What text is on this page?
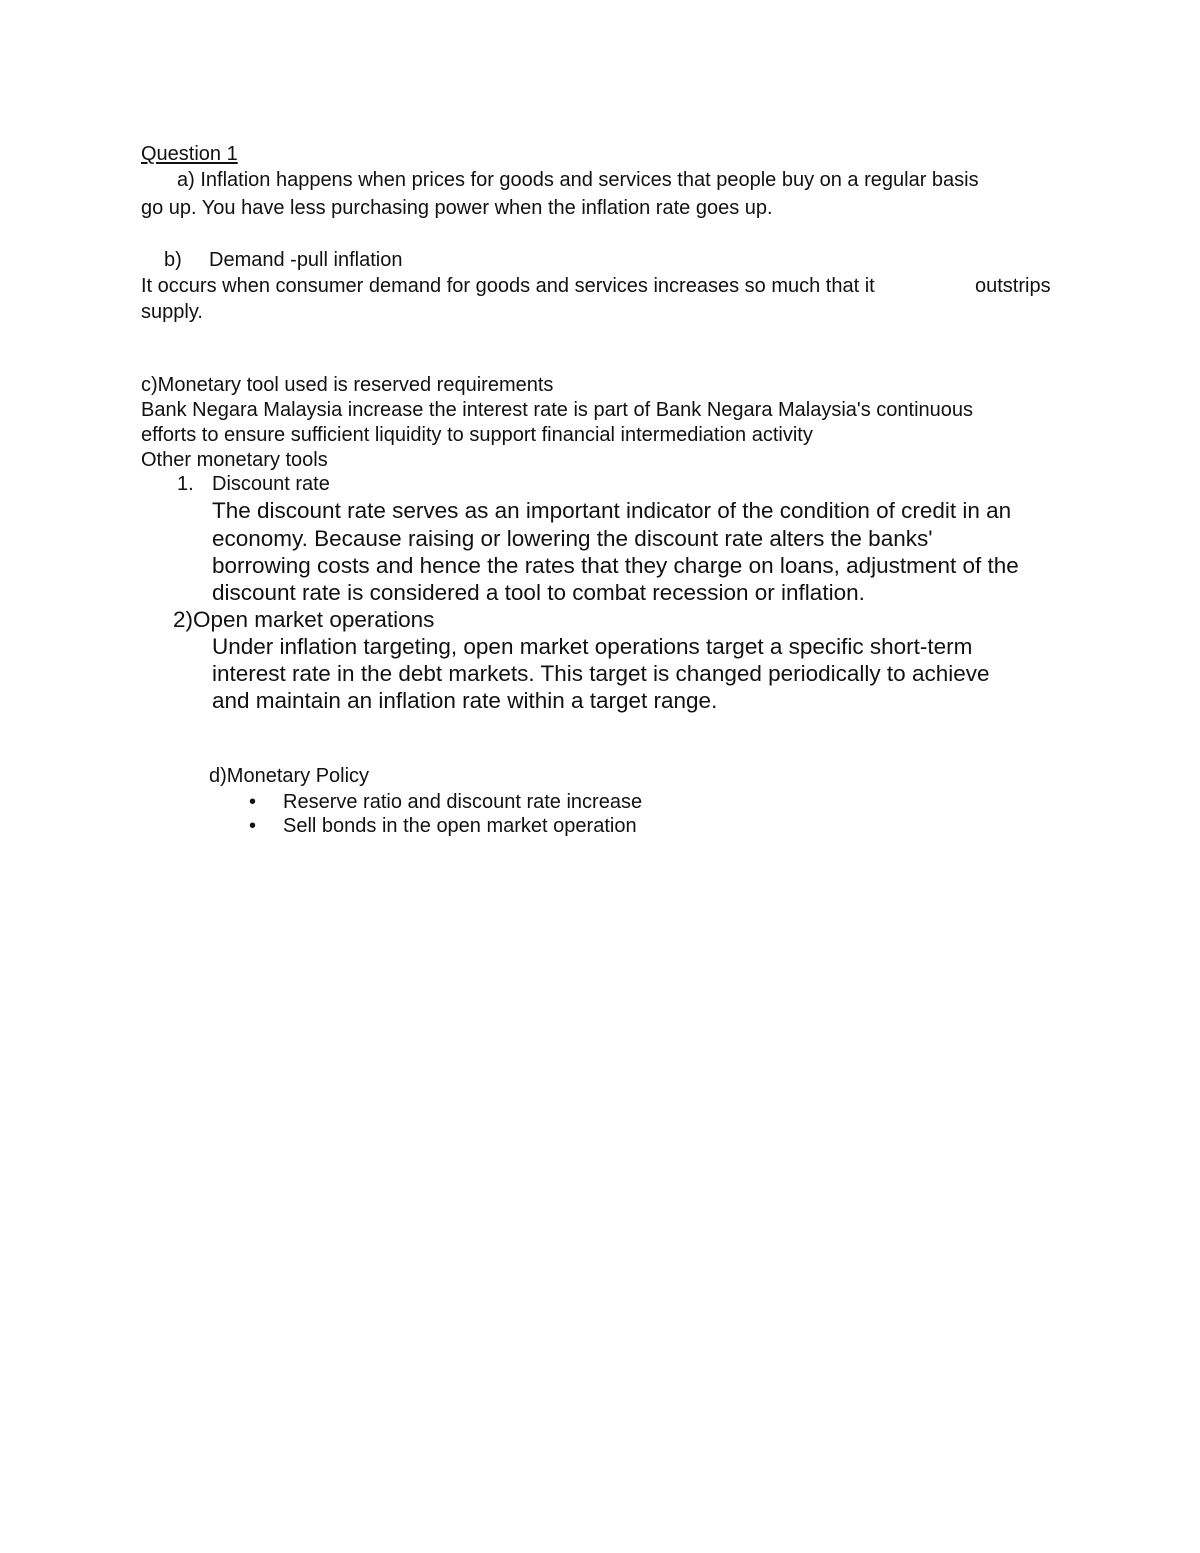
Question 1
a) Inflation happens when prices for goods and services that people buy on a regular basis
go up. You have less purchasing power when the inflation rate goes up.
b) Demand -pull inflation
It occurs when consumer demand for goods and services increases so much that it	outstrips
supply.
c)Monetary tool used is reserved requirements
Bank Negara Malaysia increase the interest rate is part of Bank Negara Malaysia's continuous
efforts to ensure sufficient liquidity to support financial intermediation activity
Other monetary tools
1. Discount rate
The discount rate serves as an important indicator of the condition of credit in an
economy. Because raising or lowering the discount rate alters the banks'
borrowing costs and hence the rates that they charge on loans, adjustment of the
discount rate is considered a tool to combat recession or inflation.
2)Open market operations
Under inflation targeting, open market operations target a specific short-term
interest rate in the debt markets. This target is changed periodically to achieve
and maintain an inflation rate within a target range.
d)Monetary Policy
• Reserve ratio and discount rate increase
• Sell bonds in the open market operation
